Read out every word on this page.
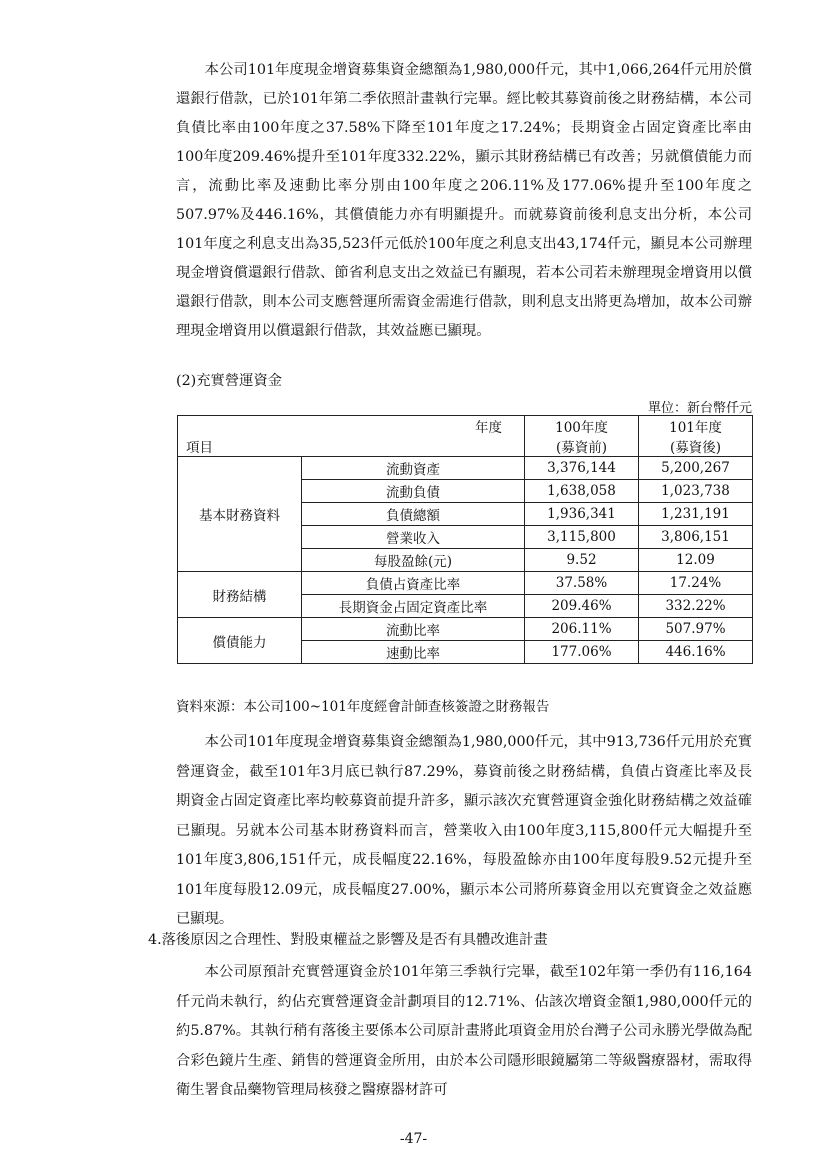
本公司101年度現金增資募集資金總額為1,980,000仟元，其中1,066,264仟元用於償還銀行借款，已於101年第二季依照計畫執行完畢。經比較其募資前後之財務結構，本公司負債比率由100年度之37.58%下降至101年度之17.24%；長期資金占固定資產比率由100年度209.46%提升至101年度332.22%，顯示其財務結構已有改善；另就償債能力而言，流動比率及速動比率分別由100年度之206.11%及177.06%提升至100年度之507.97%及446.16%，其償債能力亦有明顯提升。而就募資前後利息支出分析，本公司101年度之利息支出為35,523仟元低於100年度之利息支出43,174仟元，顯見本公司辦理現金增資償還銀行借款、節省利息支出之效益已有顯現，若本公司若未辦理現金增資用以償還銀行借款，則本公司支應營運所需資金需進行借款，則利息支出將更為增加，故本公司辦理現金增資用以償還銀行借款，其效益應已顯現。

(2)充實營運資金
單位：新台幣仟元
年度		100年度	101年度
項目		(募資前)	(募資後)
基本財務資料	流動資產	3,376,144	5,200,267
	流動負債	1,638,058	1,023,738
	負債總額	1,936,341	1,231,191
	營業收入	3,115,800	3,806,151
	每股盈餘(元)	9.52	12.09
財務結構	負債占資產比率	37.58%	17.24%
	長期資金占固定資產比率	209.46%	332.22%
償債能力	流動比率	206.11%	507.97%
	速動比率	177.06%	446.16%
資料來源：本公司100~101年度經會計師查核簽證之財務報告

本公司101年度現金增資募集資金總額為1,980,000仟元，其中913,736仟元用於充實營運資金，截至101年3月底已執行87.29%，募資前後之財務結構，負債占資產比率及長期資金占固定資產比率均較募資前提升許多，顯示該次充實營運資金強化財務結構之效益確已顯現。另就本公司基本財務資料而言，營業收入由100年度3,115,800仟元大幅提升至101年度3,806,151仟元，成長幅度22.16%，每股盈餘亦由100年度每股9.52元提升至101年度每股12.09元，成長幅度27.00%，顯示本公司將所募資金用以充實資金之效益應已顯現。

4.落後原因之合理性、對股東權益之影響及是否有具體改進計畫

本公司原預計充實營運資金於101年第三季執行完畢，截至102年第一季仍有116,164仟元尚未執行，約佔充實營運資金計劃項目的12.71%、佔該次增資金額1,980,000仟元的約5.87%。其執行稍有落後主要係本公司原計畫將此項資金用於台灣子公司永勝光學做為配合彩色鏡片生產、銷售的營運資金所用，由於本公司隱形眼鏡屬第二等級醫療器材，需取得衛生署食品藥物管理局核發之醫療器材許可

-47-
